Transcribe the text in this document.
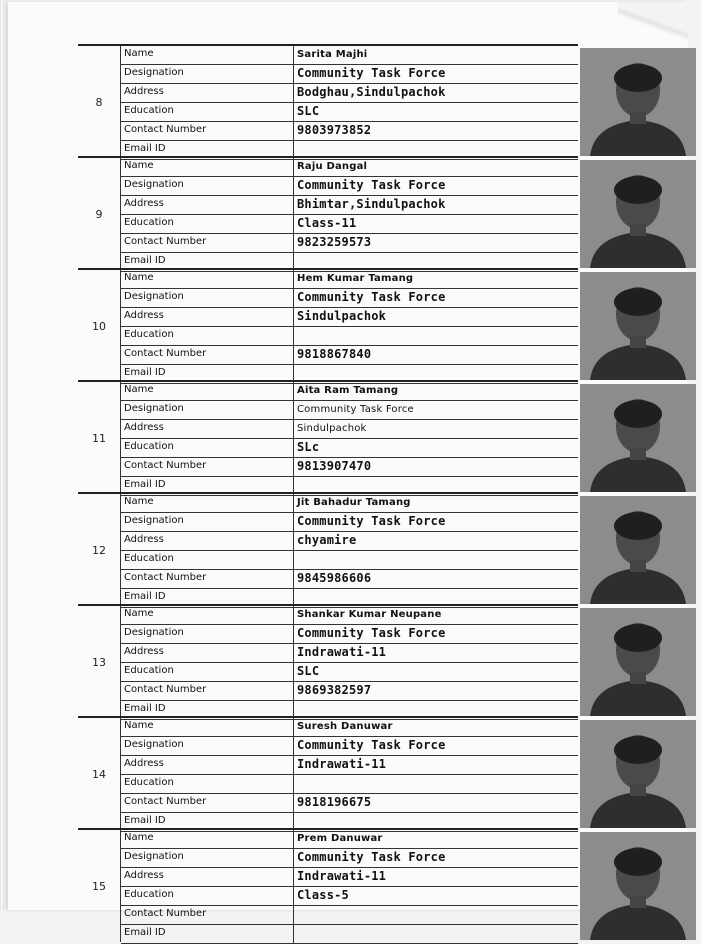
8
Name	Sarita Majhi
Designation	Community Task Force
Address	Bodghau,Sindulpachok
Education	SLC
Contact Number	9803973852
Email ID
9
Name	Raju Dangal
Designation	Community Task Force
Address	Bhimtar,Sindulpachok
Education	Class-11
Contact Number	9823259573
Email ID
10
Name	Hem Kumar Tamang
Designation	Community Task Force
Address	Sindulpachok
Education
Contact Number	9818867840
Email ID
11
Name	Aita Ram Tamang
Designation	Community Task Force
Address	Sindulpachok
Education	SLc
Contact Number	9813907470
Email ID
12
Name	Jit Bahadur Tamang
Designation	Community Task Force
Address	chyamire
Education
Contact Number	9845986606
Email ID
13
Name	Shankar Kumar Neupane
Designation	Community Task Force
Address	Indrawati-11
Education	SLC
Contact Number	9869382597
Email ID
14
Name	Suresh Danuwar
Designation	Community Task Force
Address	Indrawati-11
Education
Contact Number	9818196675
Email ID
15
Name	Prem Danuwar
Designation	Community Task Force
Address	Indrawati-11
Education	Class-5
Contact Number
Email ID
